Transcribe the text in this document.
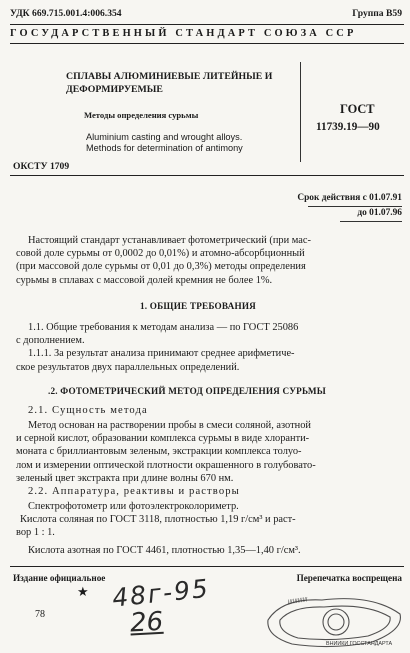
УДК 669.715.001.4:006.354	Группа В59
ГОСУДАРСТВЕННЫЙ СТАНДАРТ СОЮЗА ССР
СПЛАВЫ АЛЮМИНИЕВЫЕ ЛИТЕЙНЫЕ И
ДЕФОРМИРУЕМЫЕ
Методы определения сурьмы
Aluminium casting and wrought alloys.
Methods for determination of antimony
ГОСТ
11739.19—90
ОКСТУ 1709
Срок действия с 01.07.91
до 01.07.96
Настоящий стандарт устанавливает фотометрический (при мас-
совой доле сурьмы от 0,0002 до 0,01%) и атомно-абсорбционный
(при массовой доле сурьмы от 0,01 до 0,3%) методы определения
сурьмы в сплавах с массовой долей кремния не более 1%.
1. ОБЩИЕ ТРЕБОВАНИЯ
1.1. Общие требования к методам анализа — по ГОСТ 25086
с дополнением.
1.1.1. За результат анализа принимают среднее арифметиче-
ское результатов двух параллельных определений.
.2. ФОТОМЕТРИЧЕСКИЙ МЕТОД ОПРЕДЕЛЕНИЯ СУРЬМЫ
2.1. Сущность метода
Метод основан на растворении пробы в смеси соляной, азотной
и серной кислот, образовании комплекса сурьмы в виде хлоранти-
моната с бриллиантовым зеленым, экстракции комплекса толуо-
лом и измерении оптической плотности окрашенного в голубовато-
зеленый цвет экстракта при длине волны 670 нм.
2.2. Аппаратура, реактивы и растворы
Спектрофотометр или фотоэлектроколориметр.
Кислота соляная по ГОСТ 3118, плотностью 1,19 г/см³ и раст-
вор 1 : 1.
Кислота азотная по ГОСТ 4461, плотностью 1,35—1,40 г/см³.
Издание официальное	Перепечатка воспрещена
★
78
48г-95
26
////////////
ВНИИКИ ГОССТАНДАРТА
